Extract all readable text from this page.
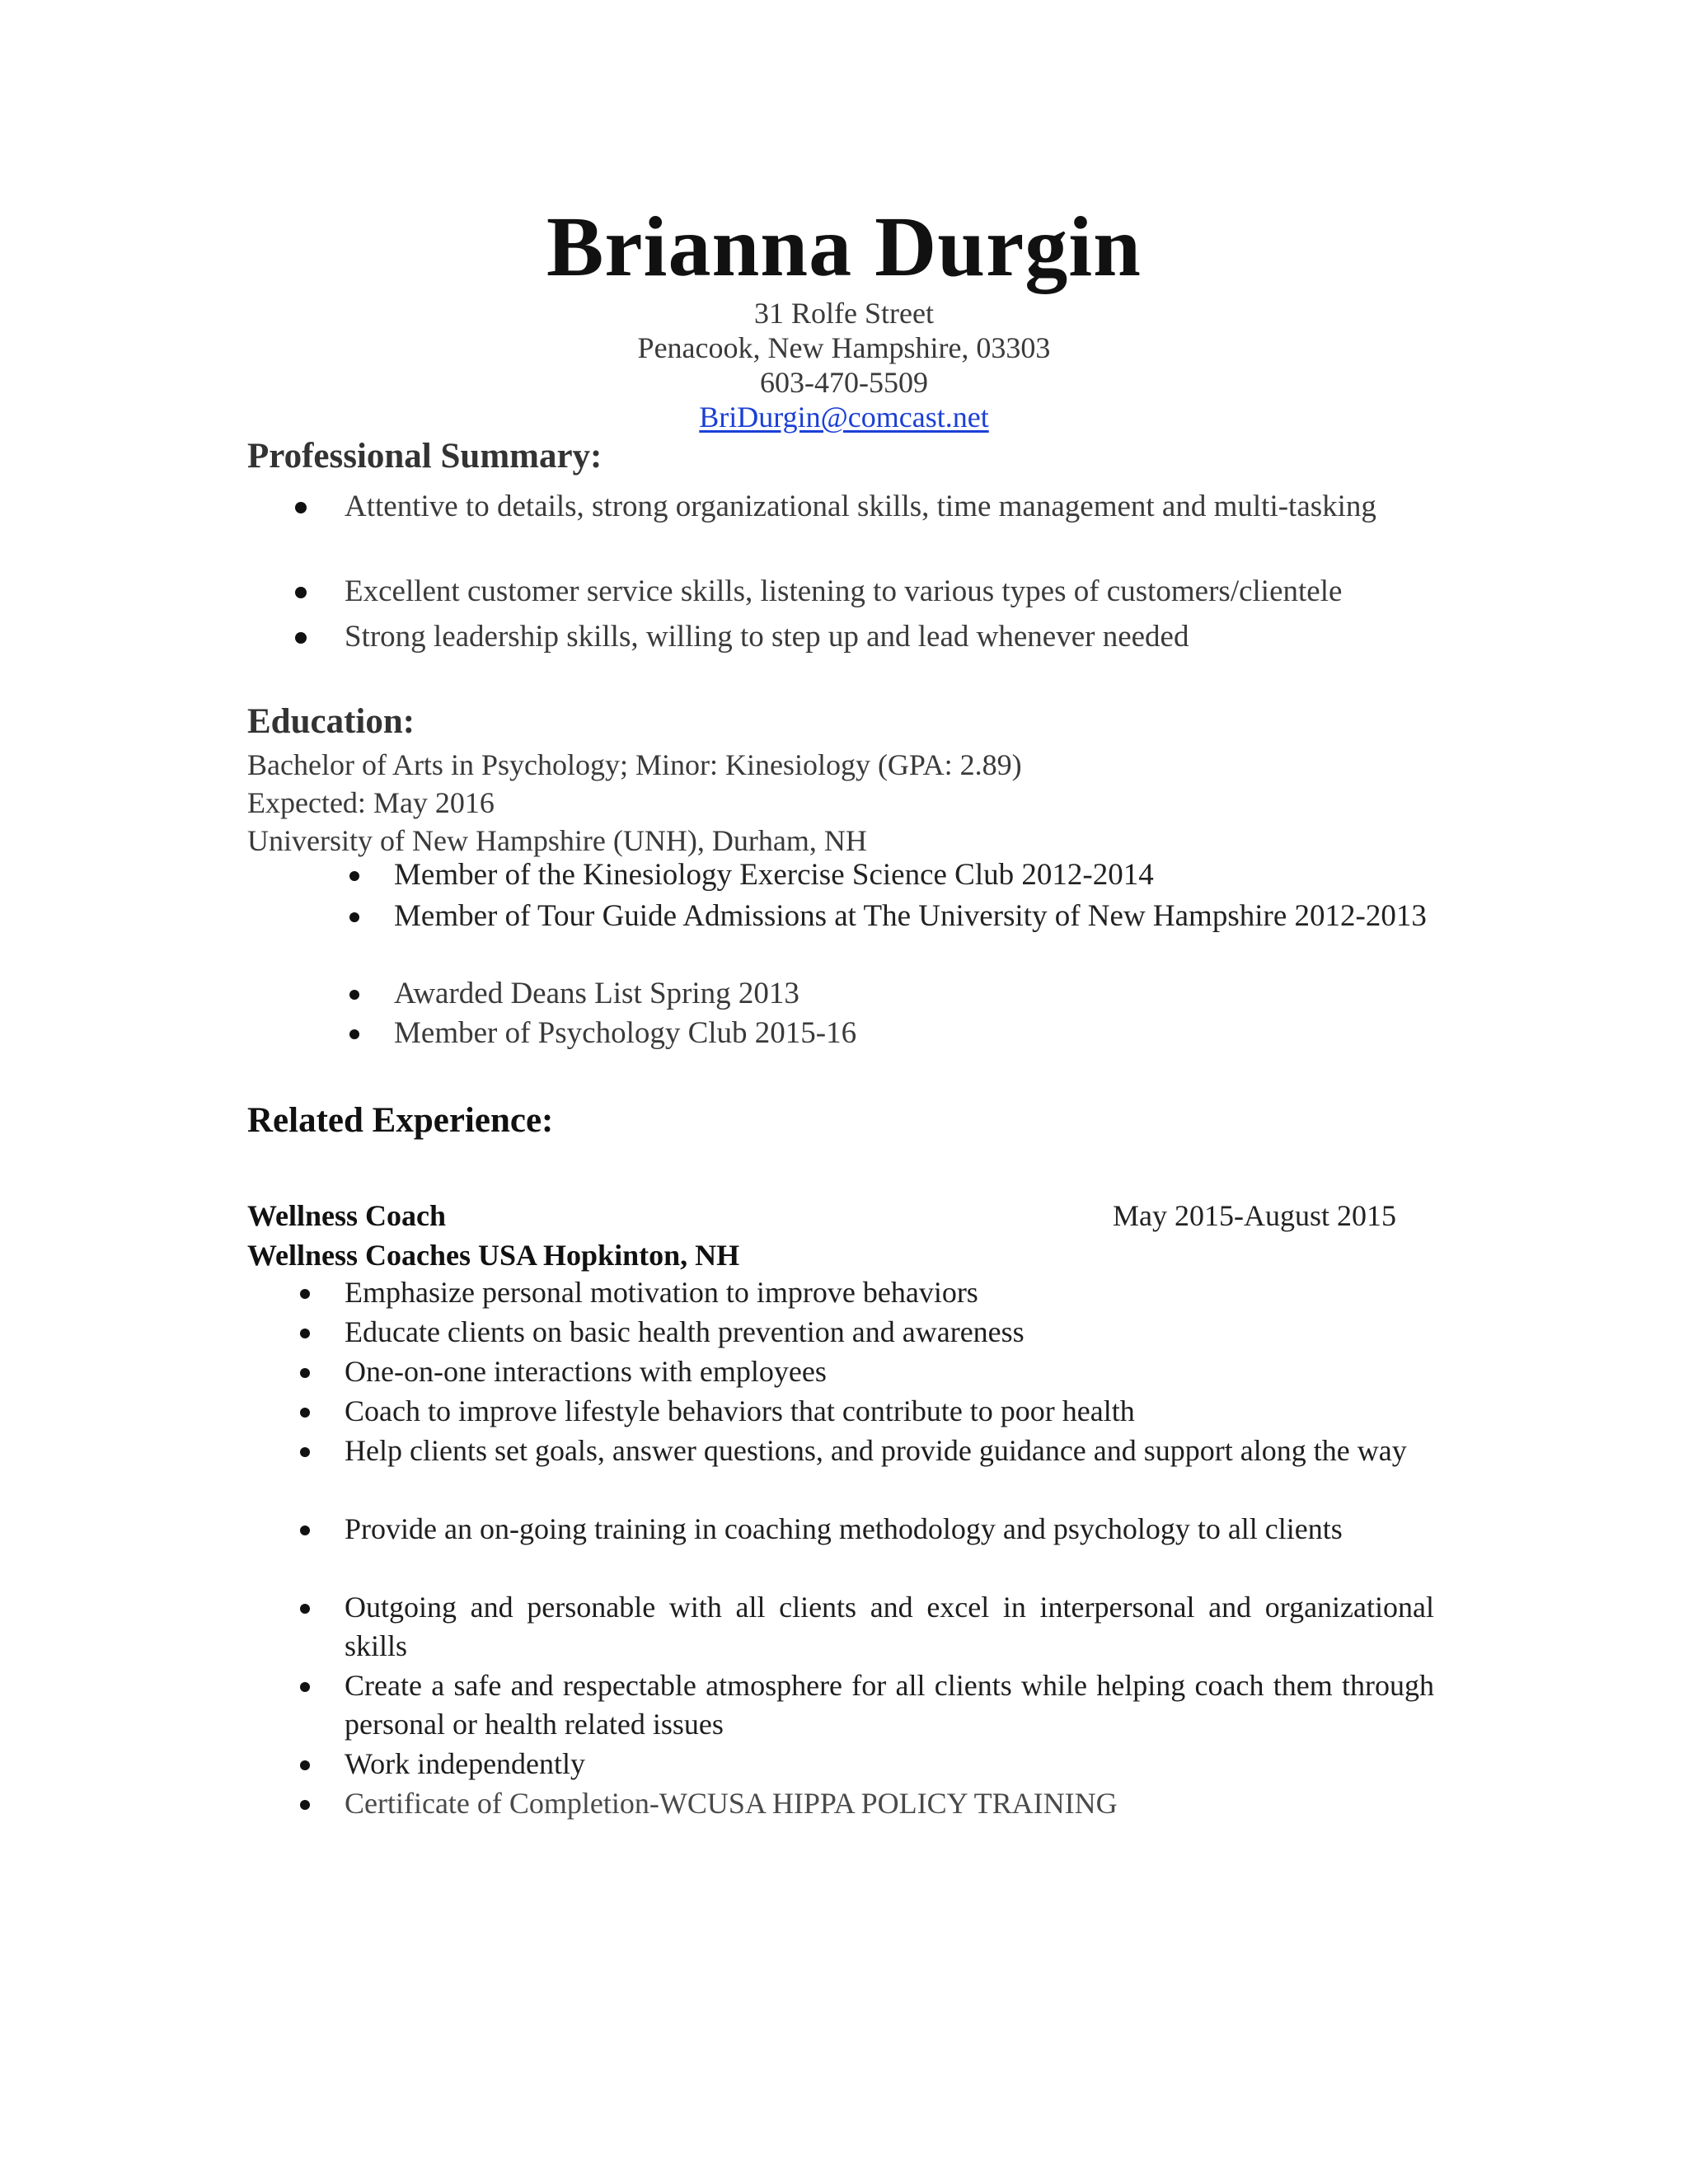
Brianna Durgin
31 Rolfe Street
Penacook, New Hampshire, 03303
603-470-5509
BriDurgin@comcast.net
Professional Summary:
Attentive to details, strong organizational skills, time management and multi-tasking
Excellent customer service skills, listening to various types of customers/clientele
Strong leadership skills, willing to step up and lead whenever needed
Education:
Bachelor of Arts in Psychology; Minor: Kinesiology (GPA: 2.89)
Expected: May 2016
University of New Hampshire (UNH), Durham, NH
Member of the Kinesiology Exercise Science Club 2012-2014
Member of Tour Guide Admissions at The University of New Hampshire 2012-2013
Awarded Deans List Spring 2013
Member of Psychology Club 2015-16
Related Experience:
Wellness Coach	May 2015-August 2015
Wellness Coaches USA Hopkinton, NH
Emphasize personal motivation to improve behaviors
Educate clients on basic health prevention and awareness
One-on-one interactions with employees
Coach to improve lifestyle behaviors that contribute to poor health
Help clients set goals, answer questions, and provide guidance and support along the way
Provide an on-going training in coaching methodology and psychology to all clients
Outgoing and personable with all clients and excel in interpersonal and organizational skills
Create a safe and respectable atmosphere for all clients while helping coach them through personal or health related issues
Work independently
Certificate of Completion-WCUSA HIPPA POLICY TRAINING
